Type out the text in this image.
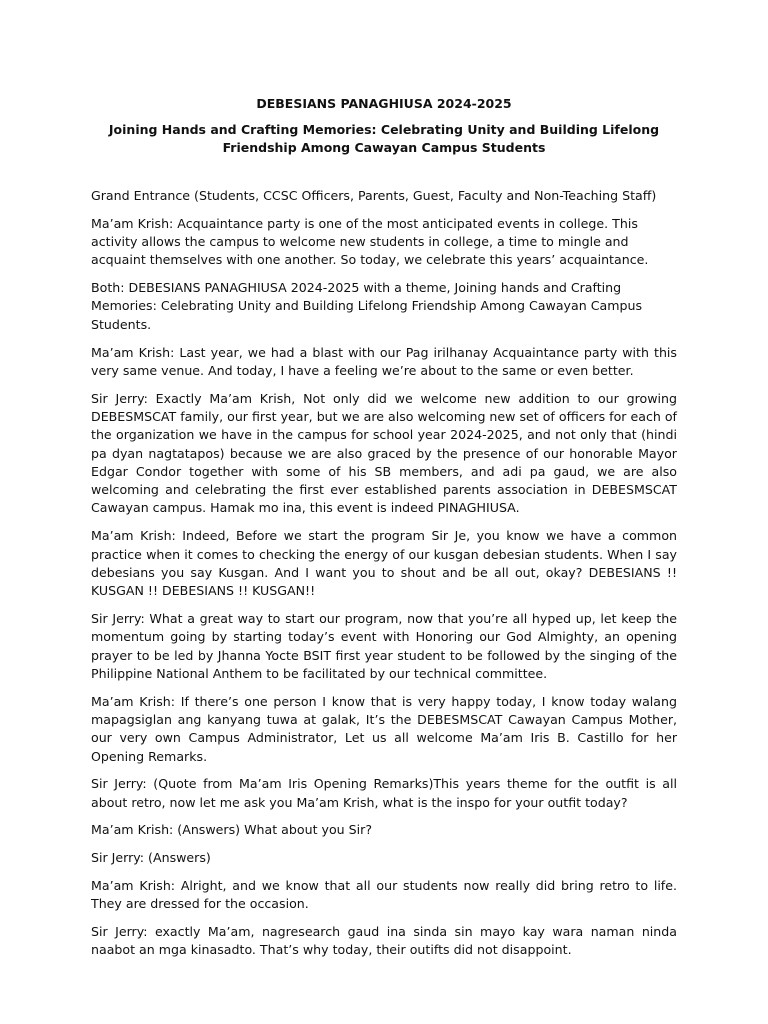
DEBESIANS PANAGHIUSA 2024-2025
Joining Hands and Crafting Memories: Celebrating Unity and Building Lifelong Friendship Among Cawayan Campus Students

Grand Entrance (Students, CCSC Officers, Parents, Guest, Faculty and Non-Teaching Staff)

Ma’am Krish: Acquaintance party is one of the most anticipated events in college. This activity allows the campus to welcome new students in college, a time to mingle and acquaint themselves with one another. So today, we celebrate this years’ acquaintance.

Both: DEBESIANS PANAGHIUSA 2024-2025 with a theme, Joining hands and Crafting Memories: Celebrating Unity and Building Lifelong Friendship Among Cawayan Campus Students.

Ma’am Krish: Last year, we had a blast with our Pag irilhanay Acquaintance party with this very same venue. And today, I have a feeling we’re about to the same or even better.

Sir Jerry: Exactly Ma’am Krish, Not only did we welcome new addition to our growing DEBESMSCAT family, our first year, but we are also welcoming new set of officers for each of the organization we have in the campus for school year 2024-2025, and not only that (hindi pa dyan nagtatapos) because we are also graced by the presence of our honorable Mayor Edgar Condor together with some of his SB members, and adi pa gaud, we are also welcoming and celebrating the first ever established parents association in DEBESMSCAT Cawayan campus. Hamak mo ina, this event is indeed PINAGHIUSA.

Ma’am Krish: Indeed, Before we start the program Sir Je, you know we have a common practice when it comes to checking the energy of our kusgan debesian students. When I say debesians you say Kusgan. And I want you to shout and be all out, okay? DEBESIANS !! KUSGAN !! DEBESIANS !! KUSGAN!!

Sir Jerry: What a great way to start our program, now that you’re all hyped up, let keep the momentum going by starting today’s event with Honoring our God Almighty, an opening prayer to be led by Jhanna Yocte BSIT first year student to be followed by the singing of the Philippine National Anthem to be facilitated by our technical committee.

Ma’am Krish: If there’s one person I know that is very happy today, I know today walang mapagsiglan ang kanyang tuwa at galak, It’s the DEBESMSCAT Cawayan Campus Mother, our very own Campus Administrator, Let us all welcome Ma’am Iris B. Castillo for her Opening Remarks.

Sir Jerry: (Quote from Ma’am Iris Opening Remarks)This years theme for the outfit is all about retro, now let me ask you Ma’am Krish, what is the inspo for your outfit today?

Ma’am Krish: (Answers) What about you Sir?

Sir Jerry: (Answers)

Ma’am Krish: Alright, and we know that all our students now really did bring retro to life. They are dressed for the occasion.

Sir Jerry: exactly Ma’am, nagresearch gaud ina sinda sin mayo kay wara naman ninda naabot an mga kinasadto. That’s why today, their outifts did not disappoint.
